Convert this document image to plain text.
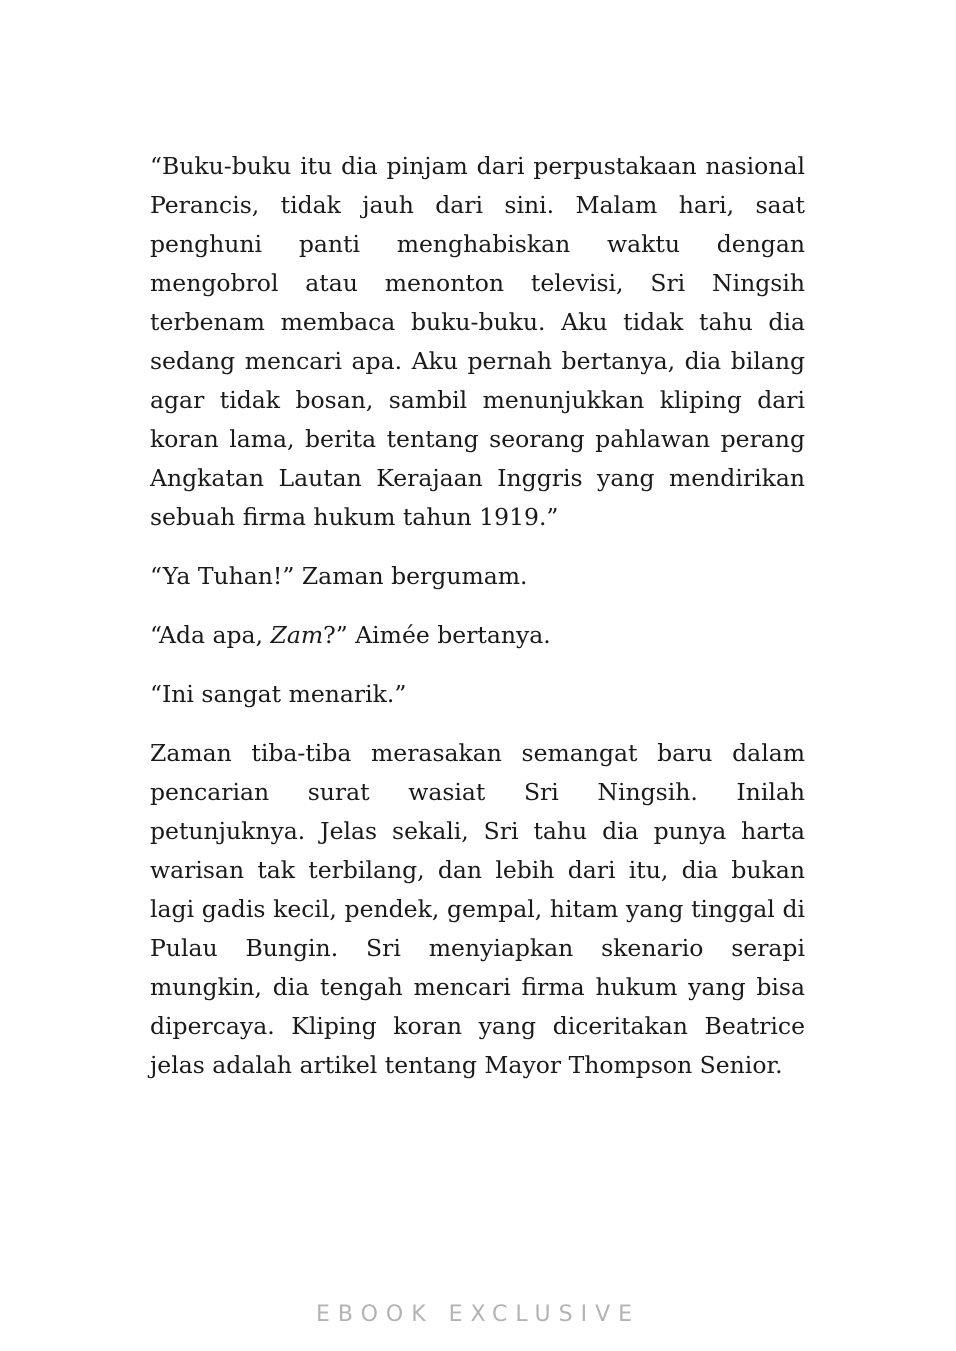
“Buku-buku itu dia pinjam dari perpustakaan nasional Perancis, tidak jauh dari sini. Malam hari, saat penghuni panti menghabiskan waktu dengan mengobrol atau menonton televisi, Sri Ningsih terbenam membaca buku-buku. Aku tidak tahu dia sedang mencari apa. Aku pernah bertanya, dia bilang agar tidak bosan, sambil menunjukkan kliping dari koran lama, berita tentang seorang pahlawan perang Angkatan Lautan Kerajaan Inggris yang mendirikan sebuah firma hukum tahun 1919.”

“Ya Tuhan!” Zaman bergumam.

“Ada apa, Zam?” Aimée bertanya.

“Ini sangat menarik.”

Zaman tiba-tiba merasakan semangat baru dalam pencarian surat wasiat Sri Ningsih. Inilah petunjuknya. Jelas sekali, Sri tahu dia punya harta warisan tak terbilang, dan lebih dari itu, dia bukan lagi gadis kecil, pendek, gempal, hitam yang tinggal di Pulau Bungin. Sri menyiapkan skenario serapi mungkin, dia tengah mencari firma hukum yang bisa dipercaya. Kliping koran yang diceritakan Beatrice jelas adalah artikel tentang Mayor Thompson Senior.

EBOOK EXCLUSIVE
